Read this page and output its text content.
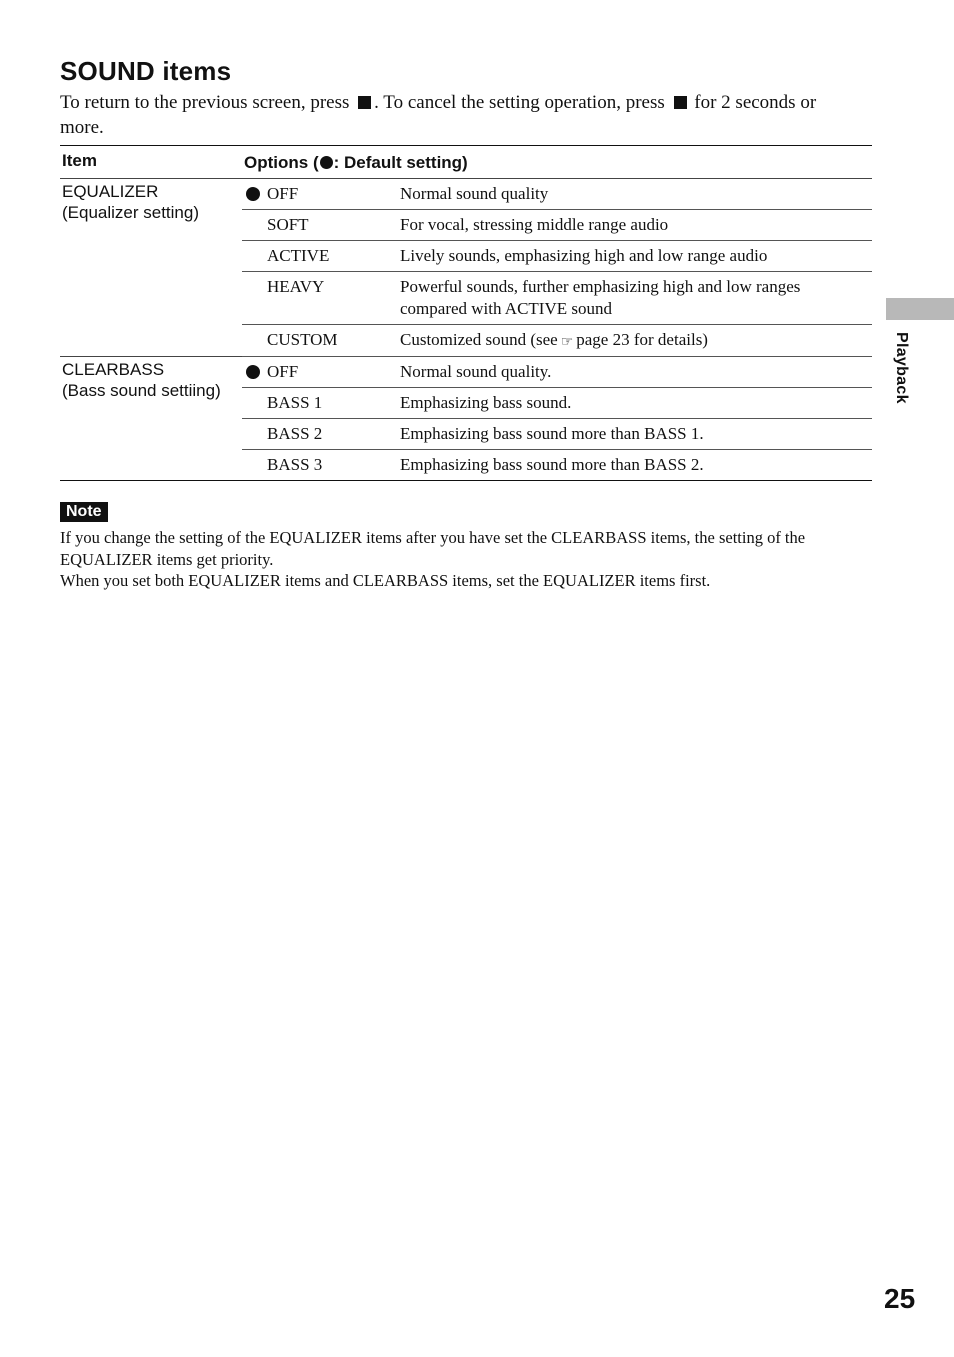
SOUND items

To return to the previous screen, press . To cancel the setting operation, press for 2 seconds or more.

Item	Options ( : Default setting)	

EQUALIZER
(Equalizer setting)	OFF	Normal sound quality

	SOFT	For vocal, stressing middle range audio

	ACTIVE	Lively sounds, emphasizing high and low range audio

	HEAVY	Powerful sounds, further emphasizing high and low ranges compared with ACTIVE sound

	CUSTOM	Customized sound (see ☞ page 23 for details)

CLEARBASS
(Bass sound settiing)	OFF	Normal sound quality.

	BASS 1	Emphasizing bass sound.

	BASS 2	Emphasizing bass sound more than BASS 1.

	BASS 3	Emphasizing bass sound more than BASS 2.
Note

If you change the setting of the EQUALIZER items after you have set the CLEARBASS items, the setting of the EQUALIZER items get priority.

When you set both EQUALIZER items and CLEARBASS items, set the EQUALIZER items first.

Playback
25
